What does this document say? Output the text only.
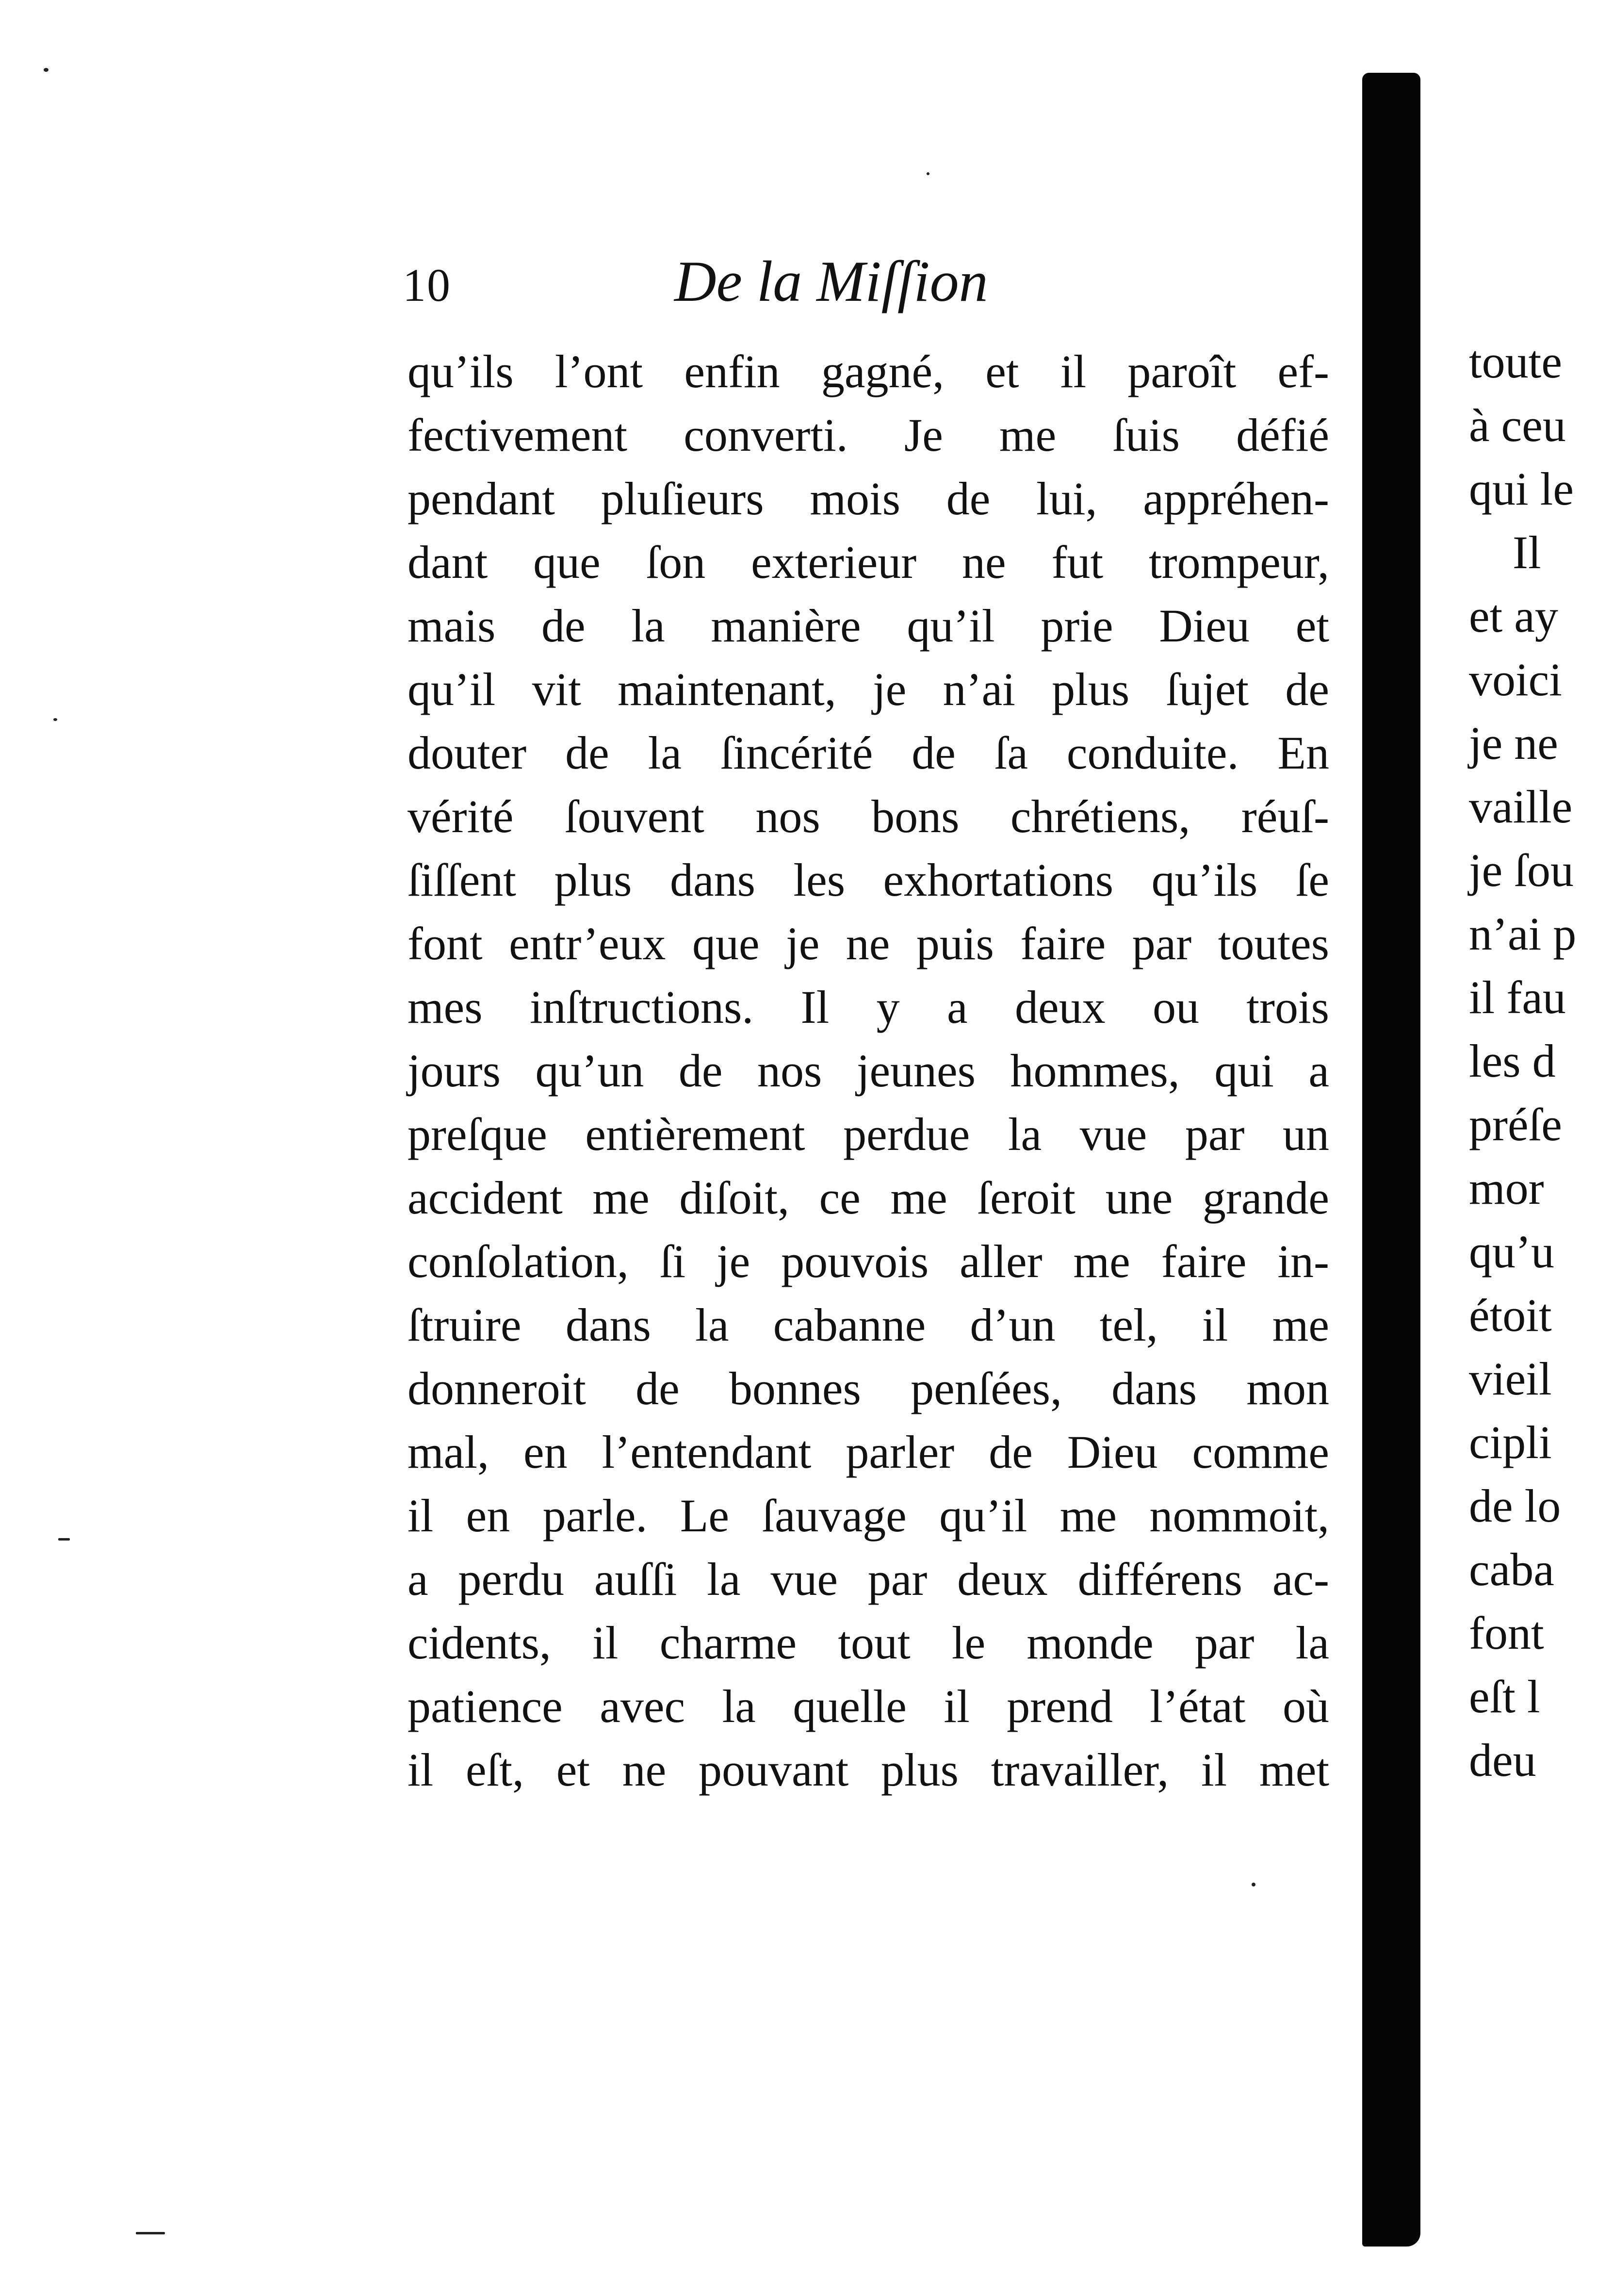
10	De la Miſſion
qu’ils l’ont enfin gagné, et il paroît ef-
fectivement converti. Je me ſuis défié
pendant pluſieurs mois de lui, appréhen-
dant que ſon exterieur ne fut trompeur,
mais de la manière qu’il prie Dieu et
qu’il vit maintenant, je n’ai plus ſujet de
douter de la ſincérité de ſa conduite. En
vérité ſouvent nos bons chrétiens, réuſ-
ſiſſent plus dans les exhortations qu’ils ſe
font entr’eux que je ne puis faire par toutes
mes inſtructions. Il y a deux ou trois
jours qu’un de nos jeunes hommes, qui a
preſque entièrement perdue la vue par un
accident me diſoit, ce me ſeroit une grande
conſolation, ſi je pouvois aller me faire in-
ſtruire dans la cabanne d’un tel, il me
donneroit de bonnes penſées, dans mon
mal, en l’entendant parler de Dieu comme
il en parle. Le ſauvage qu’il me nommoit,
a perdu auſſi la vue par deux différens ac-
cidents, il charme tout le monde par la
patience avec la quelle il prend l’état où
il eſt, et ne pouvant plus travailler, il met
toute
à ceu
qui le
Il
et ay
voici
je ne
vaille
je ſou
n’ai p
il fau
les d
préſe
mor
qu’u
étoit
vieil
cipli
de lo
caba
font
eſt l
deu
